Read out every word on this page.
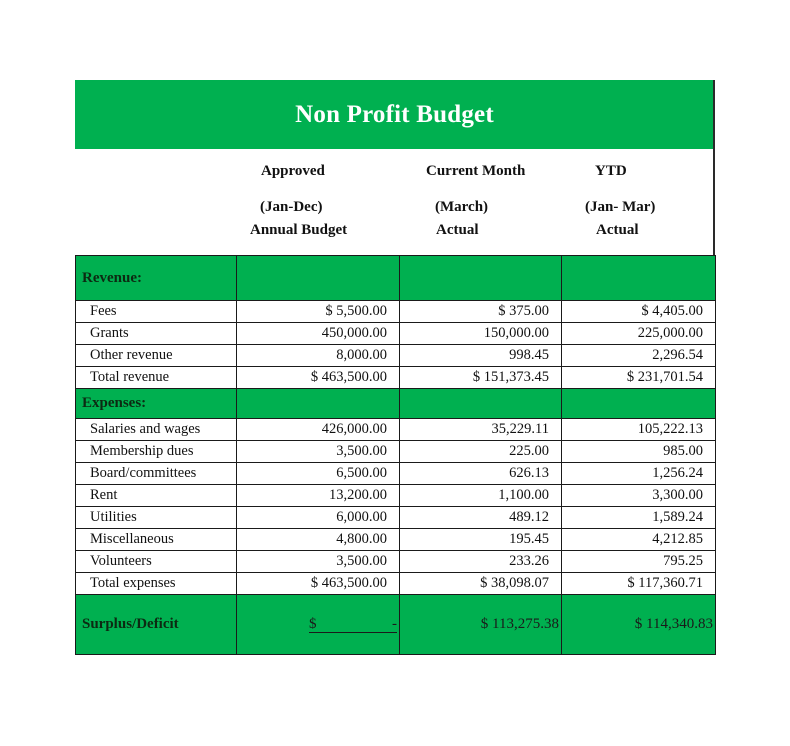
Non Profit Budget
Approved
(Jan-Dec)
Annual Budget
Current Month
(March)
Actual
YTD
(Jan- Mar)
Actual
Revenue:			
Fees	$ 5,500.00	$ 375.00	$ 4,405.00
Grants	450,000.00	150,000.00	225,000.00
Other revenue	8,000.00	998.45	2,296.54
Total revenue	$ 463,500.00	$ 151,373.45	$ 231,701.54
Expenses:			
Salaries and wages	426,000.00	35,229.11	105,222.13
Membership dues	3,500.00	225.00	985.00
Board/committees	6,500.00	626.13	1,256.24
Rent	13,200.00	1,100.00	3,300.00
Utilities	6,000.00	489.12	1,589.24
Miscellaneous	4,800.00	195.45	4,212.85
Volunteers	3,500.00	233.26	795.25
Total expenses	$ 463,500.00	$ 38,098.07	$ 117,360.71
Surplus/Deficit	$ -	$ 113,275.38	$ 114,340.83
